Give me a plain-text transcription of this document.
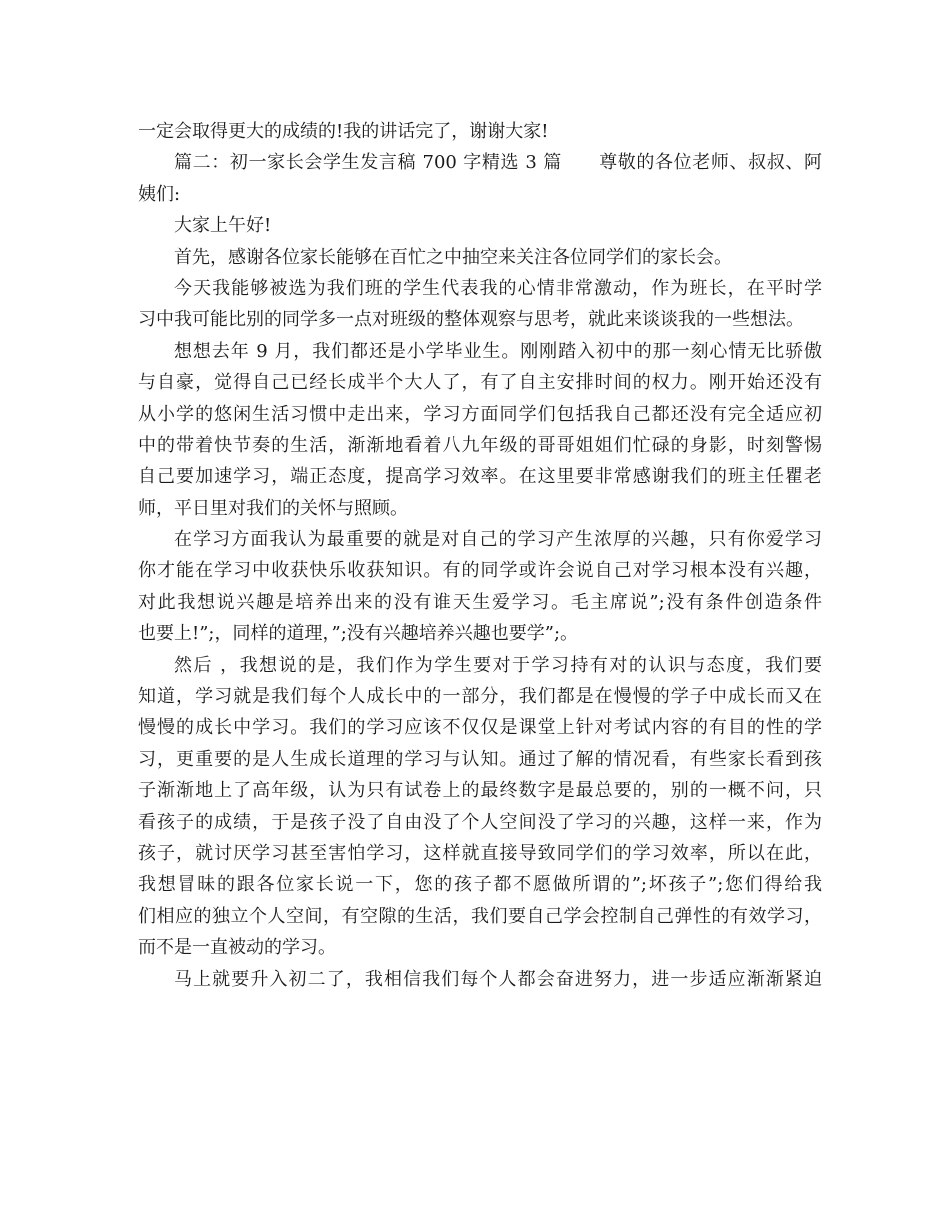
一定会取得更大的成绩的!我的讲话完了，谢谢大家!
篇二：初一家长会学生发言稿 700 字精选 3 篇　　尊敬的各位老师、叔叔、阿
姨们:
大家上午好!
首先，感谢各位家长能够在百忙之中抽空来关注各位同学们的家长会。
今天我能够被选为我们班的学生代表我的心情非常激动，作为班长，在平时学
习中我可能比别的同学多一点对班级的整体观察与思考，就此来谈谈我的一些想法。
想想去年 9 月，我们都还是小学毕业生。刚刚踏入初中的那一刻心情无比骄傲
与自豪，觉得自己已经长成半个大人了，有了自主安排时间的权力。刚开始还没有
从小学的悠闲生活习惯中走出来，学习方面同学们包括我自己都还没有完全适应初
中的带着快节奏的生活，渐渐地看着八九年级的哥哥姐姐们忙碌的身影，时刻警惕
自己要加速学习，端正态度，提高学习效率。在这里要非常感谢我们的班主任瞿老
师，平日里对我们的关怀与照顾。
在学习方面我认为最重要的就是对自己的学习产生浓厚的兴趣，只有你爱学习
你才能在学习中收获快乐收获知识。有的同学或许会说自己对学习根本没有兴趣，
对此我想说兴趣是培养出来的没有谁天生爱学习。毛主席说”;没有条件创造条件
也要上!”;，同样的道理，”;没有兴趣培养兴趣也要学”;。
然后 ，我想说的是，我们作为学生要对于学习持有对的认识与态度，我们要
知道，学习就是我们每个人成长中的一部分，我们都是在慢慢的学子中成长而又在
慢慢的成长中学习。我们的学习应该不仅仅是课堂上针对考试内容的有目的性的学
习，更重要的是人生成长道理的学习与认知。通过了解的情况看，有些家长看到孩
子渐渐地上了高年级，认为只有试卷上的最终数字是最总要的，别的一概不问，只
看孩子的成绩，于是孩子没了自由没了个人空间没了学习的兴趣，这样一来，作为
孩子，就讨厌学习甚至害怕学习，这样就直接导致同学们的学习效率，所以在此，
我想冒昧的跟各位家长说一下，您的孩子都不愿做所谓的”;坏孩子”;您们得给我
们相应的独立个人空间，有空隙的生活，我们要自己学会控制自己弹性的有效学习，
而不是一直被动的学习。
马上就要升入初二了，我相信我们每个人都会奋进努力，进一步适应渐渐紧迫
